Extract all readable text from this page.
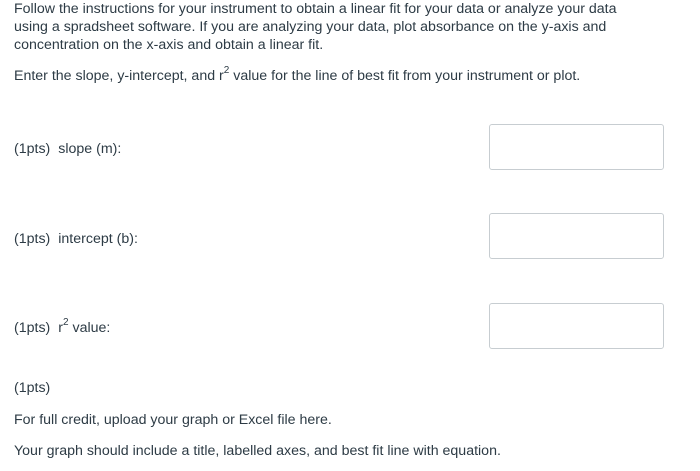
Follow the instructions for your instrument to obtain a linear fit for your data or analyze your data using a spradsheet software. If you are analyzing your data, plot absorbance on the y-axis and concentration on the x-axis and obtain a linear fit.

Enter the slope, y-intercept, and $r^2$ value for the line of best fit from your instrument or plot.

(1pts) slope (m):
(1pts) intercept (b):
(1pts) $r^2$ value:
(1pts)
For full credit, upload your graph or Excel file here.
Your graph should include a title, labelled axes, and best fit line with equation.
